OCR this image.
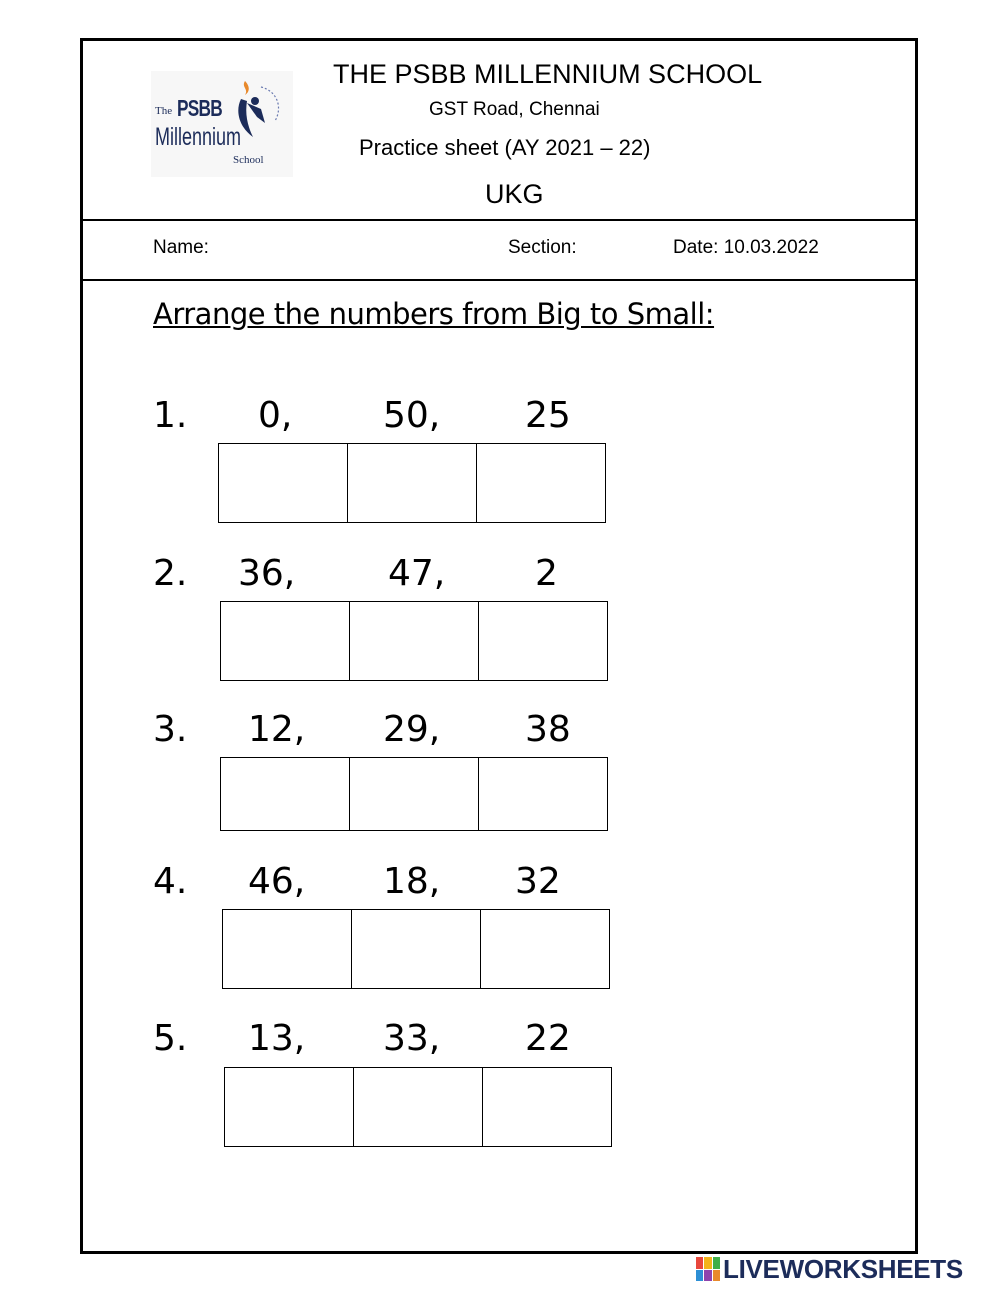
The PSBB
Millennium
School
THE PSBB MILLENNIUM SCHOOL
GST Road, Chennai
Practice sheet (AY 2021 – 22)
UKG
Name:	Section:	Date: 10.03.2022
Arrange the numbers from Big to Small:
1. 0,	50, 25
2. 36,	47, 2
3. 12, 29, 38
4. 46, 18, 32
5. 13, 33, 22
LIVEWORKSHEETS
